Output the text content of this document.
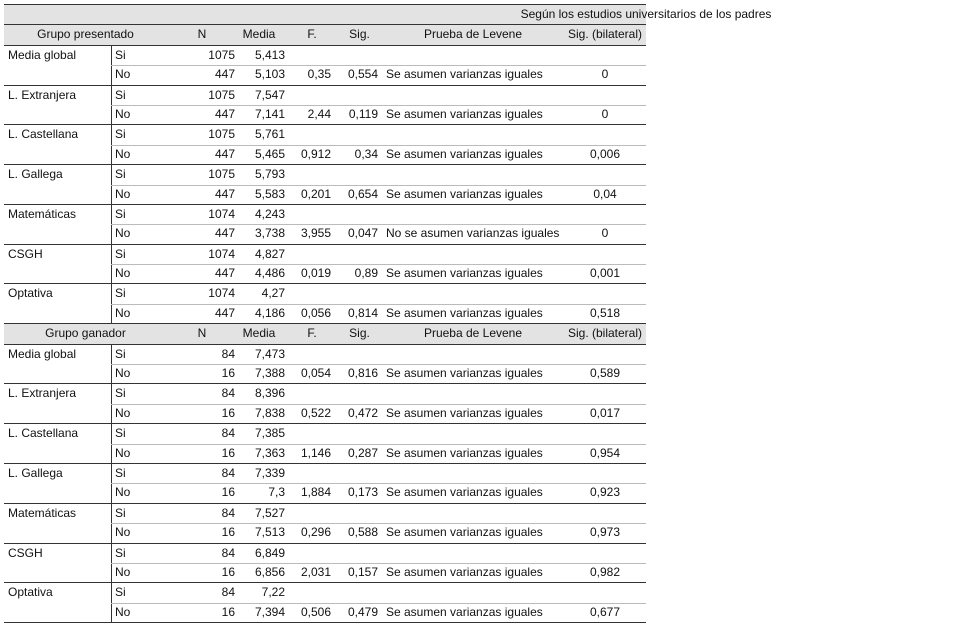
Según los estudios universitarios de los padres
Grupo presentado	N	Media	F.	Sig.	Prueba de Levene	Sig. (bilateral)
Media global	Si	1075	5,413
No	447	5,103	0,35	0,554 Se asumen varianzas iguales	0
L. Extranjera	Si	1075	7,547
No	447	7,141	2,44	0,119 Se asumen varianzas iguales	0
L. Castellana	Si	1075	5,761
No	447	5,465	0,912	0,34 Se asumen varianzas iguales	0,006
L. Gallega	Si	1075	5,793
No	447	5,583	0,201	0,654 Se asumen varianzas iguales	0,04
Matemáticas	Si	1074	4,243
No	447	3,738	3,955	0,047 No se asumen varianzas iguales	0
CSGH	Si	1074	4,827
No	447	4,486	0,019	0,89 Se asumen varianzas iguales	0,001
Optativa	Si	1074	4,27
No	447	4,186	0,056	0,814 Se asumen varianzas iguales	0,518
Grupo ganador	N	Media	F.	Sig.	Prueba de Levene	Sig. (bilateral)
Media global	Si	84	7,473
No	16	7,388	0,054	0,816 Se asumen varianzas iguales	0,589
L. Extranjera	Si	84	8,396
No	16	7,838	0,522	0,472 Se asumen varianzas iguales	0,017
L. Castellana	Si	84	7,385
No	16	7,363	1,146	0,287 Se asumen varianzas iguales	0,954
L. Gallega	Si	84	7,339
No	16	7,3	1,884	0,173 Se asumen varianzas iguales	0,923
Matemáticas	Si	84	7,527
No	16	7,513	0,296	0,588 Se asumen varianzas iguales	0,973
CSGH	Si	84	6,849
No	16	6,856	2,031	0,157 Se asumen varianzas iguales	0,982
Optativa	Si	84	7,22
No	16	7,394	0,506	0,479 Se asumen varianzas iguales	0,677
